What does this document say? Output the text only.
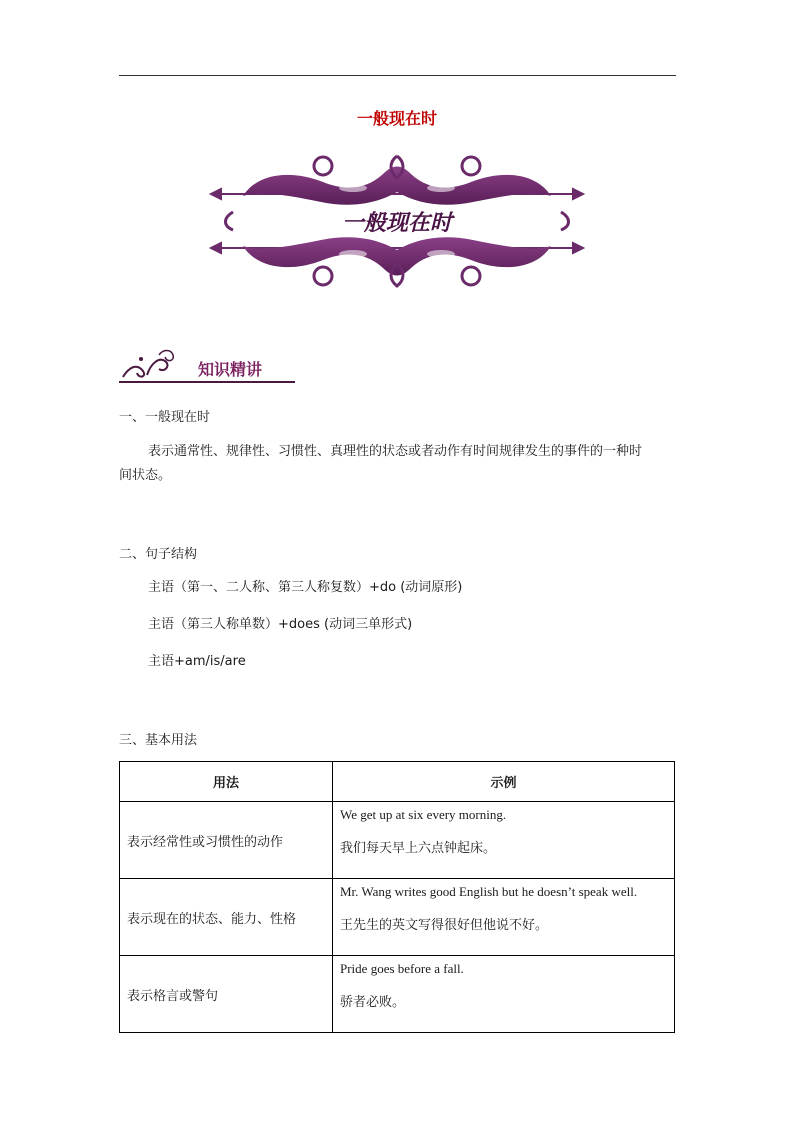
一般现在时
一般现在时
知识精讲
一、一般现在时
表示通常性、规律性、习惯性、真理性的状态或者动作有时间规律发生的事件的一种时
间状态。
二、句子结构
主语（第一、二人称、第三人称复数）+do (动词原形)
主语（第三人称单数）+does (动词三单形式)
主语+am/is/are
三、基本用法
用法	示例
表示经常性或习惯性的动作	We get up at six every morning.
我们每天早上六点钟起床。

表示现在的状态、能力、性格	Mr. Wang writes good English but he doesn’t speak well.
王先生的英文写得很好但他说不好。

表示格言或警句	Pride goes before a fall.
骄者必败。
